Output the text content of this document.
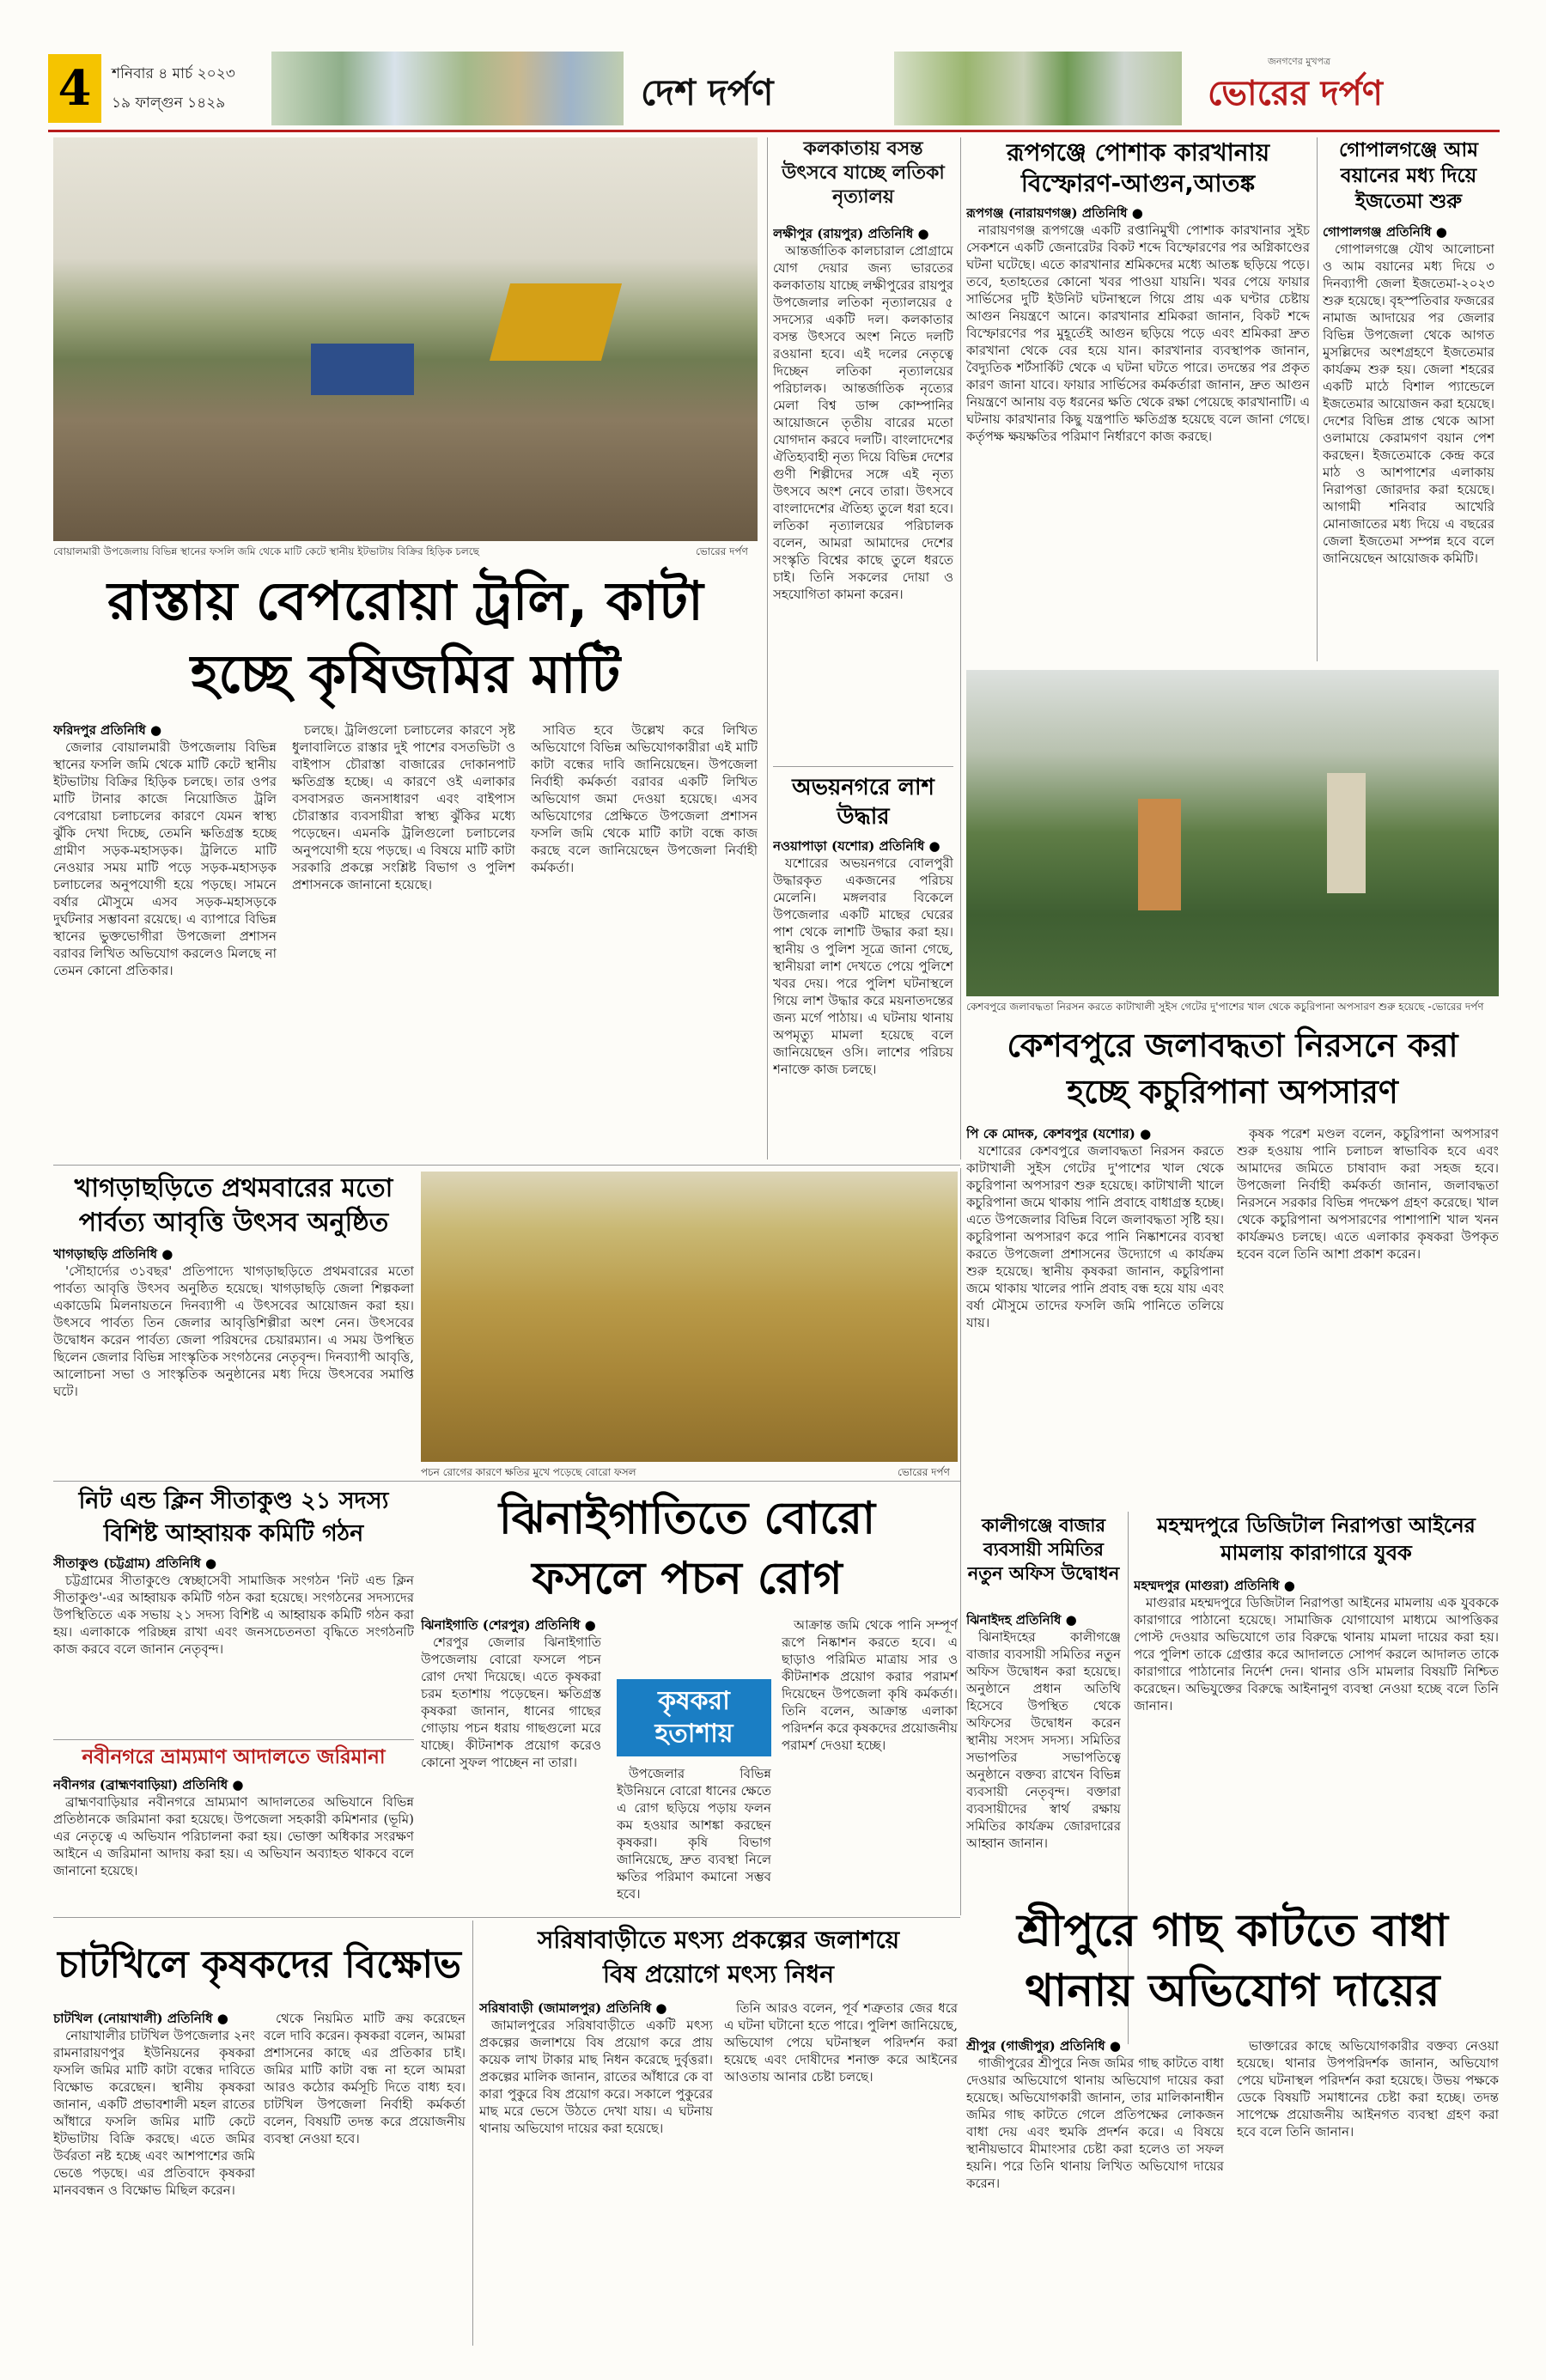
4 শনিবার ৪ মার্চ ২০২৩
১৯ ফাল্গুন ১৪২৯	দেশ দর্পণ
জনগণের মুখপত্র
ভোরের দর্পণ
বোয়ালমারী উপজেলায় বিভিন্ন স্থানের ফসলি জমি থেকে মাটি কেটে স্থানীয় ইটভাটায় বিক্রির হিড়িক চলছে	ভোরের দর্পণ
রাস্তায় বেপরোয়া ট্রলি, কাটা
হচ্ছে কৃষিজমির মাটি
ফরিদপুর প্রতিনিধি ●

জেলার বোয়ালমারী উপজেলায় বিভিন্ন স্থানের ফসলি জমি থেকে মাটি কেটে স্থানীয় ইটভাটায় বিক্রির হিড়িক চলছে। তার ওপর মাটি টানার কাজে নিয়োজিত ট্রলি বেপরোয়া চলাচলের কারণে যেমন স্বাস্থ্য ঝুঁকি দেখা দিচ্ছে, তেমনি ক্ষতিগ্রস্ত হচ্ছে গ্রামীণ সড়ক-মহাসড়ক। ট্রলিতে মাটি নেওয়ার সময় মাটি পড়ে সড়ক-মহাসড়ক চলাচলের অনুপযোগী হয়ে পড়ছে। সামনে বর্ষার মৌসুমে এসব সড়ক-মহাসড়কে দুর্ঘটনার সম্ভাবনা রয়েছে। এ ব্যাপারে বিভিন্ন স্থানের ভুক্তভোগীরা উপজেলা প্রশাসন বরাবর লিখিত অভিযোগ করলেও মিলছে না তেমন কোনো প্রতিকার।

চলছে। ট্রলিগুলো চলাচলের কারণে সৃষ্ট ধুলাবালিতে রাস্তার দুই পাশের বসতভিটা ও বাইপাস চৌরাস্তা বাজারের দোকানপাট ক্ষতিগ্রস্ত হচ্ছে। এ কারণে ওই এলাকার বসবাসরত জনসাধারণ এবং বাইপাস চৌরাস্তার ব্যবসায়ীরা স্বাস্থ্য ঝুঁকির মধ্যে পড়েছেন। এমনকি ট্রলিগুলো চলাচলের অনুপযোগী হয়ে পড়ছে। এ বিষয়ে মাটি কাটা সরকারি প্রকল্পে সংশ্লিষ্ট বিভাগ ও পুলিশ প্রশাসনকে জানানো হয়েছে।

সাবিত হবে উল্লেখ করে লিখিত অভিযোগে বিভিন্ন অভিযোগকারীরা এই মাটি কাটা বন্ধের দাবি জানিয়েছেন। উপজেলা নির্বাহী কর্মকর্তা বরাবর একটি লিখিত অভিযোগ জমা দেওয়া হয়েছে। এসব অভিযোগের প্রেক্ষিতে উপজেলা প্রশাসন ফসলি জমি থেকে মাটি কাটা বন্ধে কাজ করছে বলে জানিয়েছেন উপজেলা নির্বাহী কর্মকর্তা।

কলকাতায় বসন্ত উৎসবে যাচ্ছে লতিকা নৃত্যালয়
লক্ষীপুর (রায়পুর) প্রতিনিধি ●

আন্তর্জাতিক কালচারাল প্রোগ্রামে যোগ দেয়ার জন্য ভারতের কলকাতায় যাচ্ছে লক্ষীপুরের রায়পুর উপজেলার লতিকা নৃত্যালয়ের ৫ সদস্যের একটি দল। কলকাতার বসন্ত উৎসবে অংশ নিতে দলটি রওয়ানা হবে। এই দলের নেতৃত্বে দিচ্ছেন লতিকা নৃত্যালয়ের পরিচালক। আন্তর্জাতিক নৃত্যের মেলা বিশ্ব ডান্স কোম্পানির আয়োজনে তৃতীয় বারের মতো যোগদান করবে দলটি। বাংলাদেশের ঐতিহ্যবাহী নৃত্য দিয়ে বিভিন্ন দেশের গুণী শিল্পীদের সঙ্গে এই নৃত্য উৎসবে অংশ নেবে তারা। উৎসবে বাংলাদেশের ঐতিহ্য তুলে ধরা হবে। লতিকা নৃত্যালয়ের পরিচালক বলেন, আমরা আমাদের দেশের সংস্কৃতি বিশ্বের কাছে তুলে ধরতে চাই। তিনি সকলের দোয়া ও সহযোগিতা কামনা করেন।

অভয়নগরে লাশ উদ্ধার
নওয়াপাড়া (যশোর) প্রতিনিধি ●

যশোরের অভয়নগরে বোলপুরী উদ্ধারকৃত একজনের পরিচয় মেলেনি। মঙ্গলবার বিকেলে উপজেলার একটি মাছের ঘেরের পাশ থেকে লাশটি উদ্ধার করা হয়। স্থানীয় ও পুলিশ সূত্রে জানা গেছে, স্থানীয়রা লাশ দেখতে পেয়ে পুলিশে খবর দেয়। পরে পুলিশ ঘটনাস্থলে গিয়ে লাশ উদ্ধার করে ময়নাতদন্তের জন্য মর্গে পাঠায়। এ ঘটনায় থানায় অপমৃত্যু মামলা হয়েছে বলে জানিয়েছেন ওসি। লাশের পরিচয় শনাক্তে কাজ চলছে।

রূপগঞ্জে পোশাক কারখানায়
বিস্ফোরণ-আগুন,আতঙ্ক
রূপগঞ্জ (নারায়ণগঞ্জ) প্রতিনিধি ●

নারায়ণগঞ্জ রূপগঞ্জে একটি রপ্তানিমুখী পোশাক কারখানার সুইচ সেকশনে একটি জেনারেটর বিকট শব্দে বিস্ফোরণের পর অগ্নিকাণ্ডের ঘটনা ঘটেছে। এতে কারখানার শ্রমিকদের মধ্যে আতঙ্ক ছড়িয়ে পড়ে। তবে, হতাহতের কোনো খবর পাওয়া যায়নি। খবর পেয়ে ফায়ার সার্ভিসের দুটি ইউনিট ঘটনাস্থলে গিয়ে প্রায় এক ঘণ্টার চেষ্টায় আগুন নিয়ন্ত্রণে আনে। কারখানার শ্রমিকরা জানান, বিকট শব্দে বিস্ফোরণের পর মুহূর্তেই আগুন ছড়িয়ে পড়ে এবং শ্রমিকরা দ্রুত কারখানা থেকে বের হয়ে যান। কারখানার ব্যবস্থাপক জানান, বৈদ্যুতিক শর্টসার্কিট থেকে এ ঘটনা ঘটতে পারে। তদন্তের পর প্রকৃত কারণ জানা যাবে। ফায়ার সার্ভিসের কর্মকর্তারা জানান, দ্রুত আগুন নিয়ন্ত্রণে আনায় বড় ধরনের ক্ষতি থেকে রক্ষা পেয়েছে কারখানাটি। এ ঘটনায় কারখানার কিছু যন্ত্রপাতি ক্ষতিগ্রস্ত হয়েছে বলে জানা গেছে। কর্তৃপক্ষ ক্ষয়ক্ষতির পরিমাণ নির্ধারণে কাজ করছে।

গোপালগঞ্জে আম বয়ানের মধ্য দিয়ে ইজতেমা শুরু
গোপালগঞ্জ প্রতিনিধি ●

গোপালগঞ্জে যৌথ আলোচনা ও আম বয়ানের মধ্য দিয়ে ৩ দিনব্যাপী জেলা ইজতেমা-২০২৩ শুরু হয়েছে। বৃহস্পতিবার ফজরের নামাজ আদায়ের পর জেলার বিভিন্ন উপজেলা থেকে আগত মুসল্লিদের অংশগ্রহণে ইজতেমার কার্যক্রম শুরু হয়। জেলা শহরের একটি মাঠে বিশাল প্যান্ডেলে ইজতেমার আয়োজন করা হয়েছে। দেশের বিভিন্ন প্রান্ত থেকে আসা ওলামায়ে কেরামগণ বয়ান পেশ করছেন। ইজতেমাকে কেন্দ্র করে মাঠ ও আশপাশের এলাকায় নিরাপত্তা জোরদার করা হয়েছে। আগামী শনিবার আখেরি মোনাজাতের মধ্য দিয়ে এ বছরের জেলা ইজতেমা সম্পন্ন হবে বলে জানিয়েছেন আয়োজক কমিটি।

কেশবপুরে জলাবদ্ধতা নিরসন করতে কাটাখালী সুইস গেটের দু'পাশের খাল থেকে কচুরিপানা অপসারণ শুরু হয়েছে -ভোরের দর্পণ
কেশবপুরে জলাবদ্ধতা নিরসনে করা
হচ্ছে কচুরিপানা অপসারণ
পি কে মোদক, কেশবপুর (যশোর) ●

যশোরের কেশবপুরে জলাবদ্ধতা নিরসন করতে কাটাখালী সুইস গেটের দু'পাশের খাল থেকে কচুরিপানা অপসারণ শুরু হয়েছে। কাটাখালী খালে কচুরিপানা জমে থাকায় পানি প্রবাহে বাধাগ্রস্ত হচ্ছে। এতে উপজেলার বিভিন্ন বিলে জলাবদ্ধতা সৃষ্টি হয়। কচুরিপানা অপসারণ করে পানি নিষ্কাশনের ব্যবস্থা করতে উপজেলা প্রশাসনের উদ্যোগে এ কার্যক্রম শুরু হয়েছে। স্থানীয় কৃষকরা জানান, কচুরিপানা জমে থাকায় খালের পানি প্রবাহ বন্ধ হয়ে যায় এবং বর্ষা মৌসুমে তাদের ফসলি জমি পানিতে তলিয়ে যায়।

কৃষক পরেশ মণ্ডল বলেন, কচুরিপানা অপসারণ শুরু হওয়ায় পানি চলাচল স্বাভাবিক হবে এবং আমাদের জমিতে চাষাবাদ করা সহজ হবে। উপজেলা নির্বাহী কর্মকর্তা জানান, জলাবদ্ধতা নিরসনে সরকার বিভিন্ন পদক্ষেপ গ্রহণ করেছে। খাল থেকে কচুরিপানা অপসারণের পাশাপাশি খাল খনন কার্যক্রমও চলছে। এতে এলাকার কৃষকরা উপকৃত হবেন বলে তিনি আশা প্রকাশ করেন।

খাগড়াছড়িতে প্রথমবারের মতো
পার্বত্য আবৃত্তি উৎসব অনুষ্ঠিত
খাগড়াছড়ি প্রতিনিধি ●

'সৌহার্দ্যের ৩১বছর' প্রতিপাদ্যে খাগড়াছড়িতে প্রথমবারের মতো পার্বত্য আবৃত্তি উৎসব অনুষ্ঠিত হয়েছে। খাগড়াছড়ি জেলা শিল্পকলা একাডেমি মিলনায়তনে দিনব্যাপী এ উৎসবের আয়োজন করা হয়। উৎসবে পার্বত্য তিন জেলার আবৃত্তিশিল্পীরা অংশ নেন। উৎসবের উদ্বোধন করেন পার্বত্য জেলা পরিষদের চেয়ারম্যান। এ সময় উপস্থিত ছিলেন জেলার বিভিন্ন সাংস্কৃতিক সংগঠনের নেতৃবৃন্দ। দিনব্যাপী আবৃত্তি, আলোচনা সভা ও সাংস্কৃতিক অনুষ্ঠানের মধ্য দিয়ে উৎসবের সমাপ্তি ঘটে।

পচন রোগের কারণে ক্ষতির মুখে পড়েছে বোরো ফসল	ভোরের দর্পণ
নিট এন্ড ক্লিন সীতাকুণ্ড ২১ সদস্য
বিশিষ্ট আহ্বায়ক কমিটি গঠন
সীতাকুণ্ড (চট্টগ্রাম) প্রতিনিধি ●

চট্টগ্রামের সীতাকুণ্ডে স্বেচ্ছাসেবী সামাজিক সংগঠন 'নিট এন্ড ক্লিন সীতাকুণ্ড'-এর আহ্বায়ক কমিটি গঠন করা হয়েছে। সংগঠনের সদস্যদের উপস্থিতিতে এক সভায় ২১ সদস্য বিশিষ্ট এ আহ্বায়ক কমিটি গঠন করা হয়। এলাকাকে পরিচ্ছন্ন রাখা এবং জনসচেতনতা বৃদ্ধিতে সংগঠনটি কাজ করবে বলে জানান নেতৃবৃন্দ।

নবীনগরে ভ্রাম্যমাণ আদালতে জরিমানা
নবীনগর (ব্রাহ্মণবাড়িয়া) প্রতিনিধি ●

ব্রাহ্মণবাড়িয়ার নবীনগরে ভ্রাম্যমাণ আদালতের অভিযানে বিভিন্ন প্রতিষ্ঠানকে জরিমানা করা হয়েছে। উপজেলা সহকারী কমিশনার (ভূমি) এর নেতৃত্বে এ অভিযান পরিচালনা করা হয়। ভোক্তা অধিকার সংরক্ষণ আইনে এ জরিমানা আদায় করা হয়। এ অভিযান অব্যাহত থাকবে বলে জানানো হয়েছে।

ঝিনাইগাতিতে বোরো
ফসলে পচন রোগ
ঝিনাইগাতি (শেরপুর) প্রতিনিধি ●

শেরপুর জেলার ঝিনাইগাতি উপজেলায় বোরো ফসলে পচন রোগ দেখা দিয়েছে। এতে কৃষকরা চরম হতাশায় পড়েছেন। ক্ষতিগ্রস্ত কৃষকরা জানান, ধানের গাছের গোড়ায় পচন ধরায় গাছগুলো মরে যাচ্ছে। কীটনাশক প্রয়োগ করেও কোনো সুফল পাচ্ছেন না তারা।

কৃষকরা
হতাশায়

উপজেলার বিভিন্ন ইউনিয়নে বোরো ধানের ক্ষেতে এ রোগ ছড়িয়ে পড়ায় ফলন কম হওয়ার আশঙ্কা করছেন কৃষকরা। কৃষি বিভাগ জানিয়েছে, দ্রুত ব্যবস্থা নিলে ক্ষতির পরিমাণ কমানো সম্ভব হবে।

আক্রান্ত জমি থেকে পানি সম্পূর্ণ রূপে নিষ্কাশন করতে হবে। এ ছাড়াও পরিমিত মাত্রায় সার ও কীটনাশক প্রয়োগ করার পরামর্শ দিয়েছেন উপজেলা কৃষি কর্মকর্তা। তিনি বলেন, আক্রান্ত এলাকা পরিদর্শন করে কৃষকদের প্রয়োজনীয় পরামর্শ দেওয়া হচ্ছে।

কালীগঞ্জে বাজার ব্যবসায়ী সমিতির নতুন অফিস উদ্বোধন
ঝিনাইদহ প্রতিনিধি ●

ঝিনাইদহের কালীগঞ্জে বাজার ব্যবসায়ী সমিতির নতুন অফিস উদ্বোধন করা হয়েছে। অনুষ্ঠানে প্রধান অতিথি হিসেবে উপস্থিত থেকে অফিসের উদ্বোধন করেন স্থানীয় সংসদ সদস্য। সমিতির সভাপতির সভাপতিত্বে অনুষ্ঠানে বক্তব্য রাখেন বিভিন্ন ব্যবসায়ী নেতৃবৃন্দ। বক্তারা ব্যবসায়ীদের স্বার্থ রক্ষায় সমিতির কার্যক্রম জোরদারের আহ্বান জানান।

মহম্মদপুরে ডিজিটাল নিরাপত্তা আইনের
মামলায় কারাগারে যুবক
মহম্মদপুর (মাগুরা) প্রতিনিধি ●

মাগুরার মহম্মদপুরে ডিজিটাল নিরাপত্তা আইনের মামলায় এক যুবককে কারাগারে পাঠানো হয়েছে। সামাজিক যোগাযোগ মাধ্যমে আপত্তিকর পোস্ট দেওয়ার অভিযোগে তার বিরুদ্ধে থানায় মামলা দায়ের করা হয়। পরে পুলিশ তাকে গ্রেপ্তার করে আদালতে সোপর্দ করলে আদালত তাকে কারাগারে পাঠানোর নির্দেশ দেন। থানার ওসি মামলার বিষয়টি নিশ্চিত করেছেন। অভিযুক্তের বিরুদ্ধে আইনানুগ ব্যবস্থা নেওয়া হচ্ছে বলে তিনি জানান।

শ্রীপুরে গাছ কাটতে বাধা
থানায় অভিযোগ দায়ের
শ্রীপুর (গাজীপুর) প্রতিনিধি ●

গাজীপুরের শ্রীপুরে নিজ জমির গাছ কাটতে বাধা দেওয়ার অভিযোগে থানায় অভিযোগ দায়ের করা হয়েছে। অভিযোগকারী জানান, তার মালিকানাধীন জমির গাছ কাটতে গেলে প্রতিপক্ষের লোকজন বাধা দেয় এবং হুমকি প্রদর্শন করে। এ বিষয়ে স্থানীয়ভাবে মীমাংসার চেষ্টা করা হলেও তা সফল হয়নি। পরে তিনি থানায় লিখিত অভিযোগ দায়ের করেন।

ভাক্তারের কাছে অভিযোগকারীর বক্তব্য নেওয়া হয়েছে। থানার উপপরিদর্শক জানান, অভিযোগ পেয়ে ঘটনাস্থল পরিদর্শন করা হয়েছে। উভয় পক্ষকে ডেকে বিষয়টি সমাধানের চেষ্টা করা হচ্ছে। তদন্ত সাপেক্ষে প্রয়োজনীয় আইনগত ব্যবস্থা গ্রহণ করা হবে বলে তিনি জানান।

চাটখিলে কৃষকদের বিক্ষোভ
চাটখিল (নোয়াখালী) প্রতিনিধি ●

নোয়াখালীর চাটখিল উপজেলার ২নং রামনারায়ণপুর ইউনিয়নের কৃষকরা ফসলি জমির মাটি কাটা বন্ধের দাবিতে বিক্ষোভ করেছেন। স্থানীয় কৃষকরা জানান, একটি প্রভাবশালী মহল রাতের আঁধারে ফসলি জমির মাটি কেটে ইটভাটায় বিক্রি করছে। এতে জমির উর্বরতা নষ্ট হচ্ছে এবং আশপাশের জমি ভেঙে পড়ছে। এর প্রতিবাদে কৃষকরা মানববন্ধন ও বিক্ষোভ মিছিল করেন।

থেকে নিয়মিত মাটি ক্রয় করেছেন বলে দাবি করেন। কৃষকরা বলেন, আমরা প্রশাসনের কাছে এর প্রতিকার চাই। জমির মাটি কাটা বন্ধ না হলে আমরা আরও কঠোর কর্মসূচি দিতে বাধ্য হব। চাটখিল উপজেলা নির্বাহী কর্মকর্তা বলেন, বিষয়টি তদন্ত করে প্রয়োজনীয় ব্যবস্থা নেওয়া হবে।

সরিষাবাড়ীতে মৎস্য প্রকল্পের জলাশয়ে
বিষ প্রয়োগে মৎস্য নিধন
সরিষাবাড়ী (জামালপুর) প্রতিনিধি ●

জামালপুরের সরিষাবাড়ীতে একটি মৎস্য প্রকল্পের জলাশয়ে বিষ প্রয়োগ করে প্রায় কয়েক লাখ টাকার মাছ নিধন করেছে দুর্বৃত্তরা। প্রকল্পের মালিক জানান, রাতের আঁধারে কে বা কারা পুকুরে বিষ প্রয়োগ করে। সকালে পুকুরের মাছ মরে ভেসে উঠতে দেখা যায়। এ ঘটনায় থানায় অভিযোগ দায়ের করা হয়েছে।

তিনি আরও বলেন, পূর্ব শত্রুতার জের ধরে এ ঘটনা ঘটানো হতে পারে। পুলিশ জানিয়েছে, অভিযোগ পেয়ে ঘটনাস্থল পরিদর্শন করা হয়েছে এবং দোষীদের শনাক্ত করে আইনের আওতায় আনার চেষ্টা চলছে।
